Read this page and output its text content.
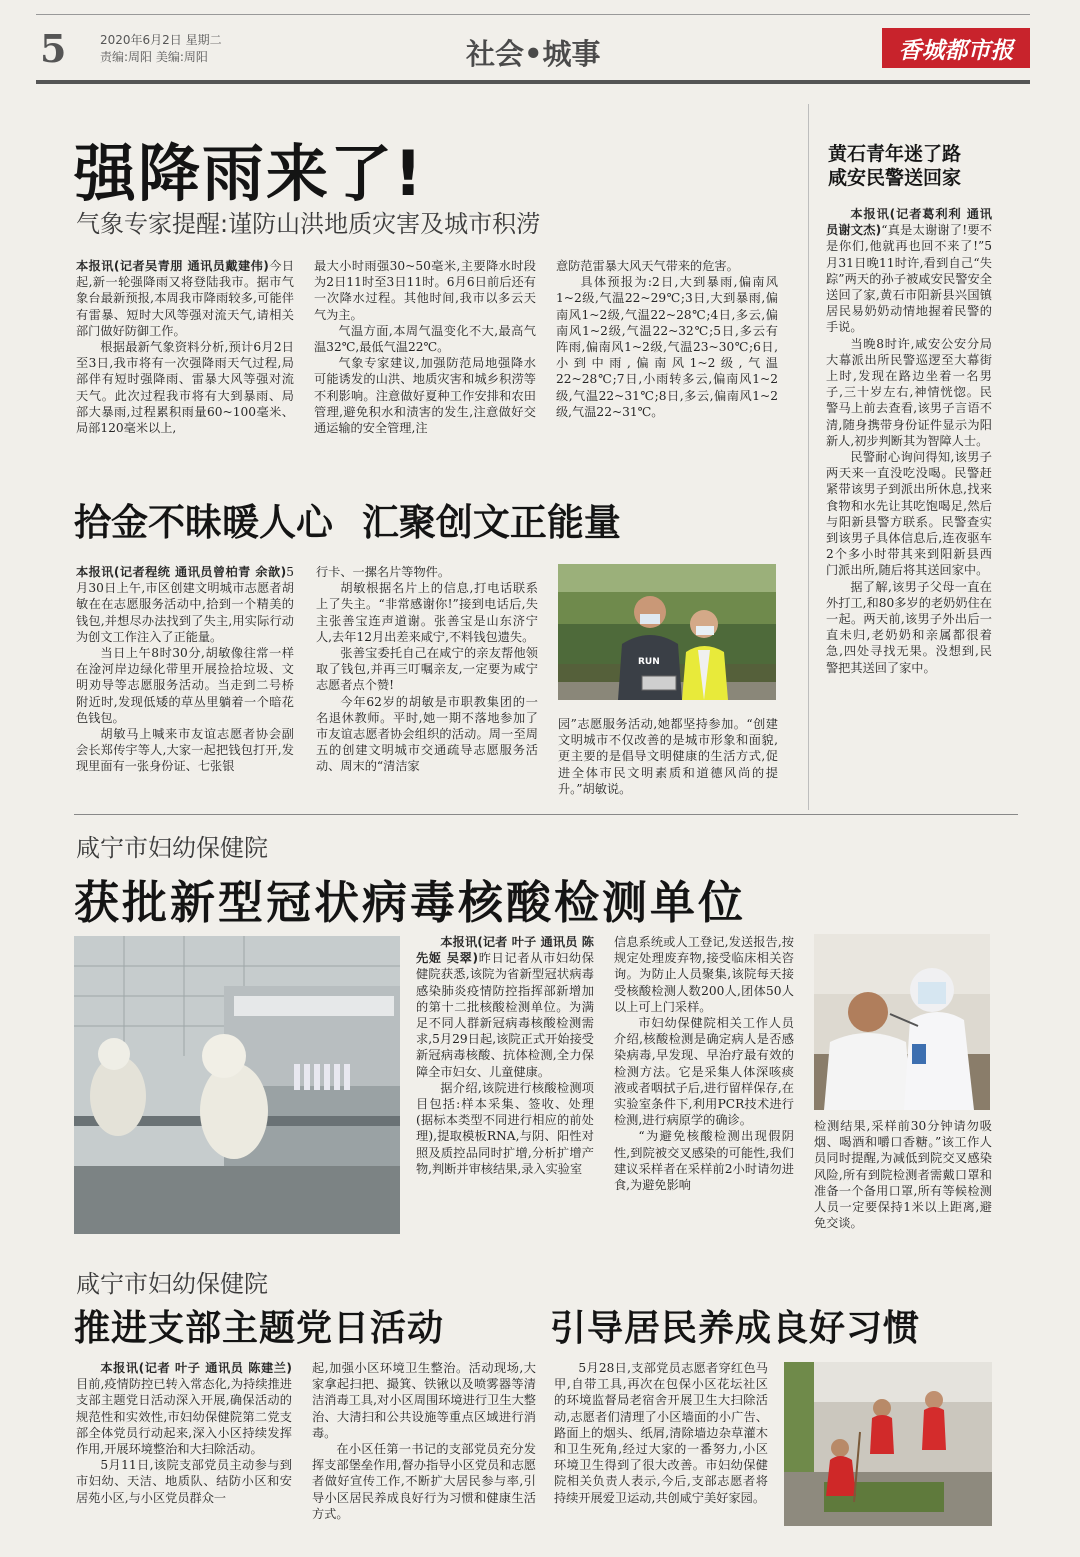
5	2020年6月2日 星期二
责编:周阳 美编:周阳	社会•城事	香城都市报
强降雨来了!
气象专家提醒:谨防山洪地质灾害及城市积涝

本报讯(记者吴青朋 通讯员戴建伟)今日起,新一轮强降雨又将登陆我市。据市气象台最新预报,本周我市降雨较多,可能伴有雷暴、短时大风等强对流天气,请相关部门做好防御工作。

根据最新气象资料分析,预计6月2日至3日,我市将有一次强降雨天气过程,局部伴有短时强降雨、雷暴大风等强对流天气。此次过程我市将有大到暴雨、局部大暴雨,过程累积雨量60~100毫米、局部120毫米以上,

最大小时雨强30~50毫米,主要降水时段为2日11时至3日11时。6月6日前后还有一次降水过程。其他时间,我市以多云天气为主。

气温方面,本周气温变化不大,最高气温32℃,最低气温22℃。

气象专家建议,加强防范局地强降水可能诱发的山洪、地质灾害和城乡积涝等不利影响。注意做好夏种工作安排和农田管理,避免积水和渍害的发生,注意做好交通运输的安全管理,注

意防范雷暴大风天气带来的危害。

具体预报为:2日,大到暴雨,偏南风1~2级,气温22~29℃;3日,大到暴雨,偏南风1~2级,气温22~28℃;4日,多云,偏南风1~2级,气温22~32℃;5日,多云有阵雨,偏南风1~2级,气温23~30℃;6日,小到中雨,偏南风1~2级,气温22~28℃;7日,小雨转多云,偏南风1~2级,气温22~31℃;8日,多云,偏南风1~2级,气温22~31℃。

黄石青年迷了路
咸安民警送回家

本报讯(记者葛利利 通讯员谢文杰)“真是太谢谢了!要不是你们,他就再也回不来了!”5月31日晚11时许,看到自己“失踪”两天的孙子被咸安民警安全送回了家,黄石市阳新县兴国镇居民易奶奶动情地握着民警的手说。

当晚8时许,咸安公安分局大幕派出所民警巡逻至大幕街上时,发现在路边坐着一名男子,三十岁左右,神情恍惚。民警马上前去查看,该男子言语不清,随身携带身份证件显示为阳新人,初步判断其为智障人士。

民警耐心询问得知,该男子两天来一直没吃没喝。民警赶紧带该男子到派出所休息,找来食物和水先让其吃饱喝足,然后与阳新县警方联系。民警查实到该男子具体信息后,连夜驱车2个多小时带其来到阳新县西门派出所,随后将其送回家中。

据了解,该男子父母一直在外打工,和80多岁的老奶奶住在一起。两天前,该男子外出后一直未归,老奶奶和亲属都很着急,四处寻找无果。没想到,民警把其送回了家中。

拾金不昧暖人心 汇聚创文正能量

本报讯(记者程统 通讯员曾柏青 余歆)5月30日上午,市区创建文明城市志愿者胡敏在在志愿服务活动中,拾到一个精美的钱包,并想尽办法找到了失主,用实际行动为创文工作注入了正能量。

当日上午8时30分,胡敏像往常一样在淦河岸边绿化带里开展捡拾垃圾、文明劝导等志愿服务活动。当走到二号桥附近时,发现低矮的草丛里躺着一个暗花色钱包。

胡敏马上喊来市友谊志愿者协会副会长郑传宇等人,大家一起把钱包打开,发现里面有一张身份证、七张银

行卡、一摞名片等物件。

胡敏根据名片上的信息,打电话联系上了失主。“非常感谢你!”接到电话后,失主张善宝连声道谢。张善宝是山东济宁人,去年12月出差来咸宁,不料钱包遗失。

张善宝委托自己在咸宁的亲友帮他领取了钱包,并再三叮嘱亲友,一定要为咸宁志愿者点个赞!

今年62岁的胡敏是市职教集团的一名退休教师。平时,她一期不落地参加了市友谊志愿者协会组织的活动。周一至周五的创建文明城市交通疏导志愿服务活动、周末的“清洁家

RUN

园”志愿服务活动,她都坚持参加。“创建文明城市不仅改善的是城市形象和面貌,更主要的是倡导文明健康的生活方式,促进全体市民文明素质和道德风尚的提升。”胡敏说。

咸宁市妇幼保健院
获批新型冠状病毒核酸检测单位

本报讯(记者 叶子 通讯员 陈先姬 吴翠)昨日记者从市妇幼保健院获悉,该院为省新型冠状病毒感染肺炎疫情防控指挥部新增加的第十二批核酸检测单位。为满足不同人群新冠病毒核酸检测需求,5月29日起,该院正式开始接受新冠病毒核酸、抗体检测,全力保障全市妇女、儿童健康。

据介绍,该院进行核酸检测项目包括:样本采集、签收、处理(据标本类型不同进行相应的前处理),提取模板RNA,与阴、阳性对照及质控品同时扩增,分析扩增产物,判断并审核结果,录入实验室

信息系统或人工登记,发送报告,按规定处理废弃物,接受临床相关咨询。为防止人员聚集,该院每天接受核酸检测人数200人,团体50人以上可上门采样。

市妇幼保健院相关工作人员介绍,核酸检测是确定病人是否感染病毒,早发现、早治疗最有效的检测方法。它是采集人体深咳痰液或者咽拭子后,进行留样保存,在实验室条件下,利用PCR技术进行检测,进行病原学的确诊。

“为避免核酸检测出现假阴性,到院被交叉感染的可能性,我们建议采样者在采样前2小时请勿进食,为避免影响

检测结果,采样前30分钟请勿吸烟、喝酒和嚼口香糖。”该工作人员同时提醒,为减低到院交叉感染风险,所有到院检测者需戴口罩和准备一个备用口罩,所有等候检测人员一定要保持1米以上距离,避免交谈。

咸宁市妇幼保健院
推进支部主题党日活动	引导居民养成良好习惯

本报讯(记者 叶子 通讯员 陈建兰)目前,疫情防控已转入常态化,为持续推进支部主题党日活动深入开展,确保活动的规范性和实效性,市妇幼保健院第二党支部全体党员行动起来,深入小区持续发挥作用,开展环境整治和大扫除活动。

5月11日,该院支部党员主动参与到市妇幼、天洁、地质队、结防小区和安居苑小区,与小区党员群众一

起,加强小区环境卫生整治。活动现场,大家拿起扫把、撮箕、铁锹以及喷雾器等清洁消毒工具,对小区周围环境进行卫生大整治、大清扫和公共设施等重点区域进行消毒。

在小区任第一书记的支部党员充分发挥支部堡垒作用,督办指导小区党员和志愿者做好宣传工作,不断扩大居民参与率,引导小区居民养成良好行为习惯和健康生活方式。

5月28日,支部党员志愿者穿红色马甲,自带工具,再次在包保小区花坛社区的环境监督局老宿舍开展卫生大扫除活动,志愿者们清理了小区墙面的小广告、路面上的烟头、纸屑,清除墙边杂草灌木和卫生死角,经过大家的一番努力,小区环境卫生得到了很大改善。市妇幼保健院相关负责人表示,今后,支部志愿者将持续开展爱卫运动,共创咸宁美好家园。
